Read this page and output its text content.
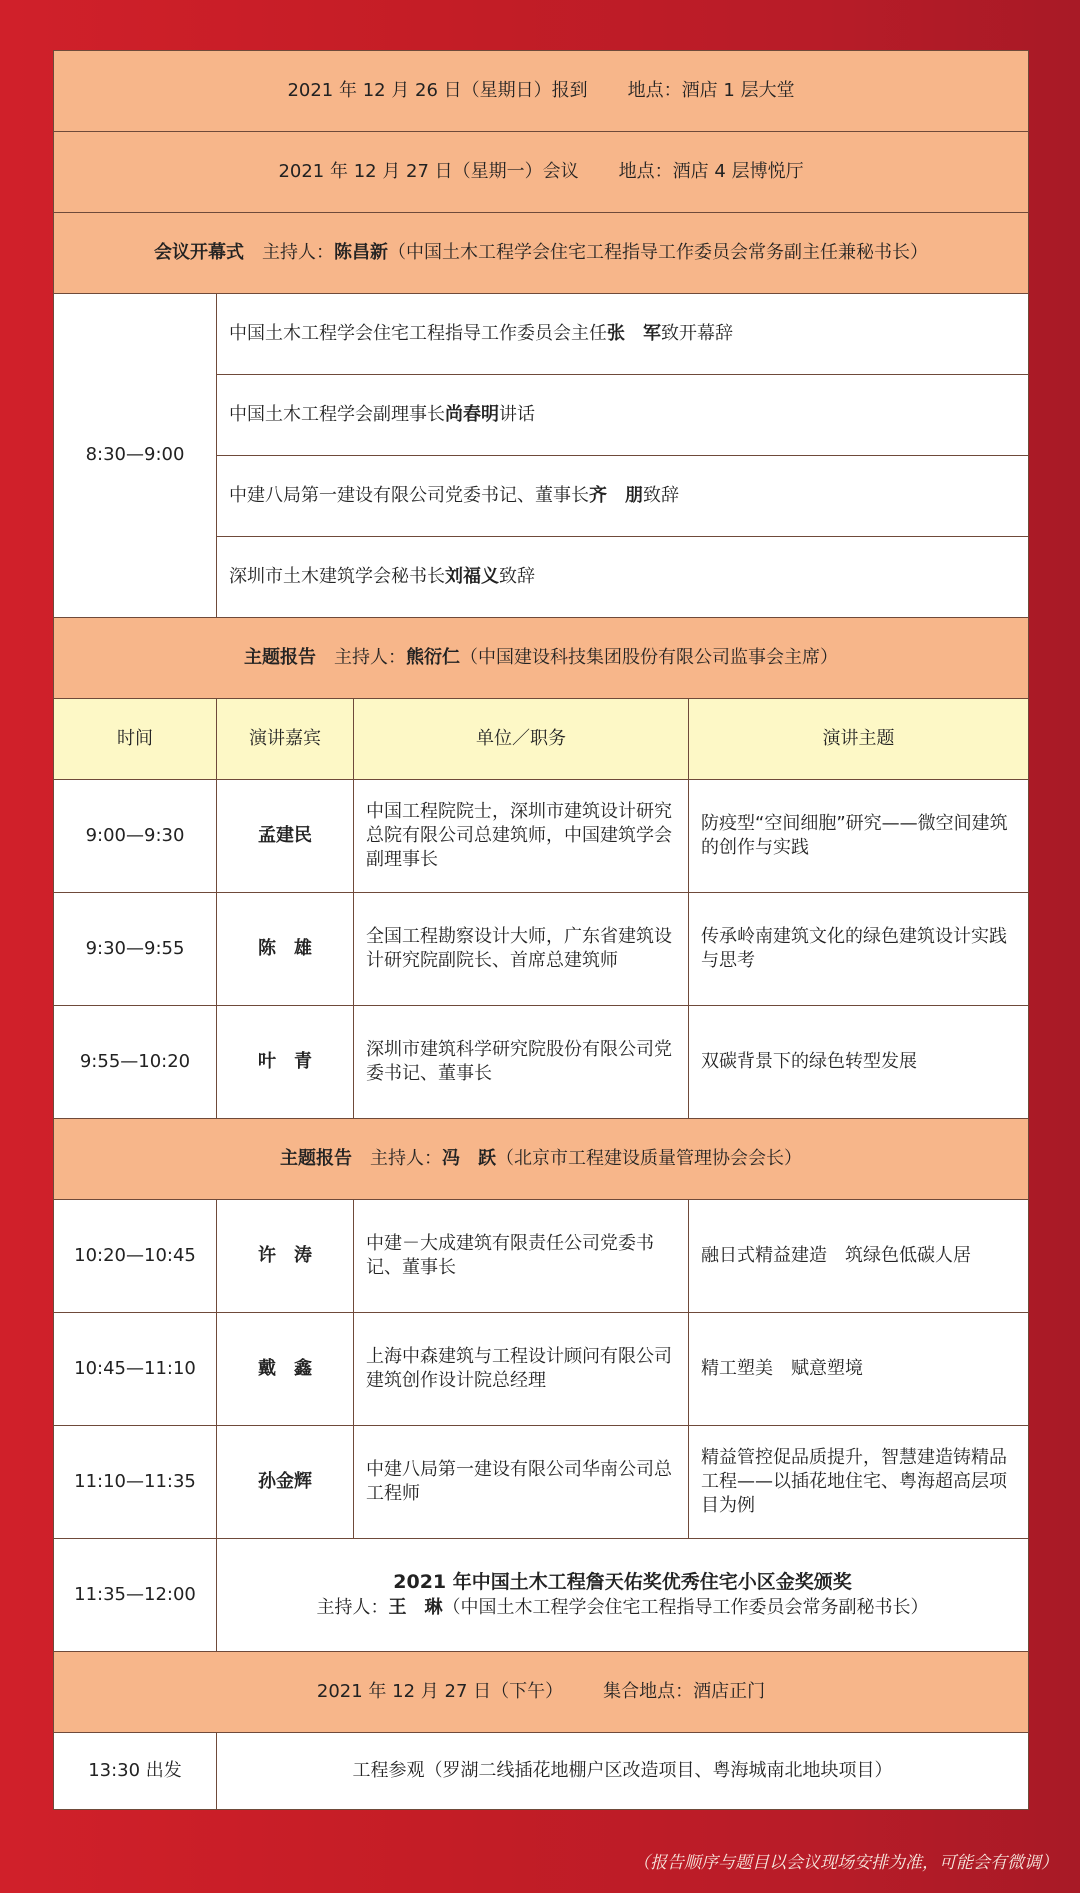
2021 年 12 月 26 日（星期日）报到 地点：酒店 1 层大堂			
2021 年 12 月 27 日（星期一）会议 地点：酒店 4 层博悦厅			
会议开幕式 主持人：陈昌新（中国土木工程学会住宅工程指导工作委员会常务副主任兼秘书长）			
8:30—9:00	中国土木工程学会住宅工程指导工作委员会主任张　军致开幕辞		
	中国土木工程学会副理事长尚春明讲话		
	中建八局第一建设有限公司党委书记、董事长齐　朋致辞		
	深圳市土木建筑学会秘书长刘福义致辞		
主题报告 主持人：熊衍仁（中国建设科技集团股份有限公司监事会主席）			
时间	演讲嘉宾	单位／职务	演讲主题
9:00—9:30	孟建民	中国工程院院士，深圳市建筑设计研究总院有限公司总建筑师，中国建筑学会副理事长	防疫型“空间细胞”研究——微空间建筑的创作与实践
9:30—9:55	陈　雄	全国工程勘察设计大师，广东省建筑设计研究院副院长、首席总建筑师	传承岭南建筑文化的绿色建筑设计实践与思考
9:55—10:20	叶　青	深圳市建筑科学研究院股份有限公司党委书记、董事长	双碳背景下的绿色转型发展
主题报告 主持人：冯　跃（北京市工程建设质量管理协会会长）			
10:20—10:45	许　涛	中建－大成建筑有限责任公司党委书记、董事长	融日式精益建造　筑绿色低碳人居
10:45—11:10	戴　鑫	上海中森建筑与工程设计顾问有限公司建筑创作设计院总经理	精工塑美　赋意塑境
11:10—11:35	孙金辉	中建八局第一建设有限公司华南公司总工程师	精益管控促品质提升，智慧建造铸精品工程——以插花地住宅、粤海超高层项目为例
11:35—12:00	2021 年中国土木工程詹天佑奖优秀住宅小区金奖颁奖
主持人：王　琳（中国土木工程学会住宅工程指导工作委员会常务副秘书长）		
2021 年 12 月 27 日（下午） 集合地点：酒店正门			
13:30 出发	工程参观（罗湖二线插花地棚户区改造项目、粤海城南北地块项目）		
（报告顺序与题目以会议现场安排为准，可能会有微调）
